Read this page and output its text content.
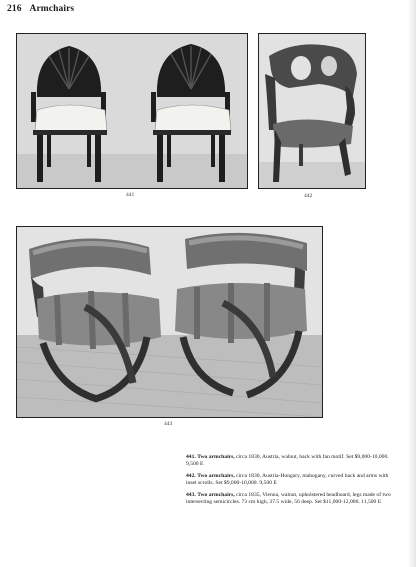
216 Armchairs
441	442
443
441. Two armchairs, circa 1830, Austria, walnut, back with fan motif. Set $9,000-10,000. 9,500 E
442. Two armchairs, circa 1830, Austria-Hungary, mahogany, curved back and arms with inset scrolls. Set $9,000-10,000. 9,500 E
443. Two armchairs, circa 1835, Vienna, walnut, upholstered headboard, legs made of two intersecting semicircles. 73 cm high, 37.5 wide, 56 deep. Set $11,000-12,000. 11,500 E
